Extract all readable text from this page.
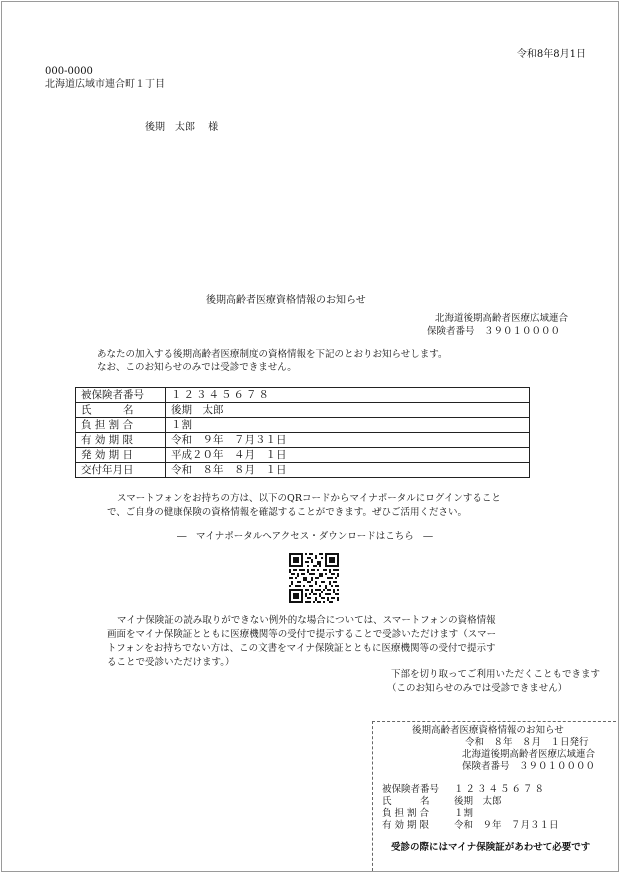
令和8年8月1日
000-0000
北海道広域市連合町１丁目
後期　太郎　 様
後期高齢者医療資格情報のお知らせ
北海道後期高齢者医療広域連合
保険者番号　３９０１００００
あなたの加入する後期高齢者医療制度の資格情報を下記のとおりお知らせします。
なお、このお知らせのみでは受診できません。
被保険者番号	１２３４５６７８
氏　　　名	後期　太郎
負 担 割 合	１割
有 効 期 限	令和　９年　７月３１日
発 効 期 日	平成２０年　４月　１日
交付年月日	令和　８年　８月　１日
スマートフォンをお持ちの方は、以下のQRコードからマイナポータルにログインすること
で、ご自身の健康保険の資格情報を確認することができます。ぜひご活用ください。
―　マイナポータルへアクセス・ダウンロードはこちら　―
マイナ保険証の読み取りができない例外的な場合については、スマートフォンの資格情報
画面をマイナ保険証とともに医療機関等の受付で提示することで受診いただけます（スマー
トフォンをお持ちでない方は、この文書をマイナ保険証とともに医療機関等の受付で提示す
ることで受診いただけます。）
下部を切り取ってご利用いただくこともできます
（このお知らせのみでは受診できません）
後期高齢者医療資格情報のお知らせ
令和　８年　８月　１日発行
北海道後期高齢者医療広域連合
保険者番号　３９０１００００
被保険者番号 １２３４５６７８
氏　　　名	後期　太郎
負 担 割 合	１割
有 効 期 限	令和　９年　７月３１日
受診の際にはマイナ保険証があわせて必要です
